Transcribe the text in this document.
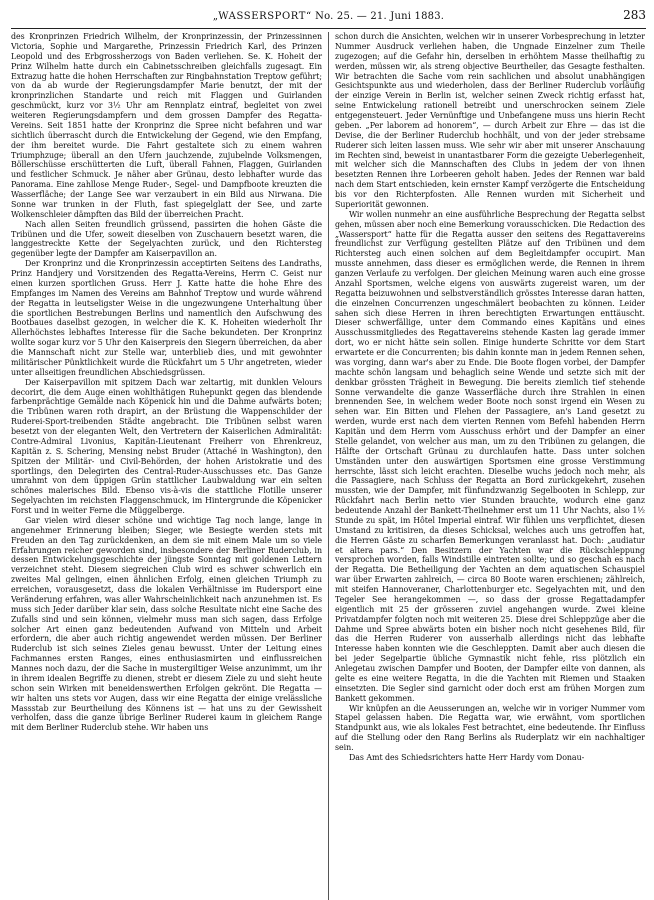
„WASSERSPORT“ No. 25. — 21. Juni 1883.	283

des Kronprinzen Friedrich Wilhelm, der Kronprinzessin, der Prinzessinnen Victoria, Sophie und Margarethe, Prinzessin Friedrich Karl, des Prinzen Leopold und des Erbgrossherzogs von Baden verliehen. Se. K. Hoheit der Prinz Wilhelm hatte durch ein Cabinetsschreiben gleichfalls zugesagt. Ein Extrazug hatte die hohen Herrschaften zur Ringbahnstation Treptow geführt; von da ab wurde der Regierungsdampfer Marie benutzt, der mit der kronprinzlichen Standarte und reich mit Flaggen und Guirlanden geschmückt, kurz vor 3½ Uhr am Rennplatz eintraf, begleitet von zwei weiteren Regierungsdampfern und dem grossen Dampfer des Regatta-Vereins. Seit 1851 hatte der Kronprinz die Spree nicht befahren und war sichtlich überrascht durch die Entwickelung der Gegend, wie den Empfang, der ihm bereitet wurde. Die Fahrt gestaltete sich zu einem wahren Triumphzuge; überall an den Ufern jauchzende, zujubelnde Volksmengen, Böllerschüsse erschütterten die Luft, überall Fahnen, Flaggen, Guirlanden und festlicher Schmuck. Je näher aber Grünau, desto lebhafter wurde das Panorama. Eine zahllose Menge Ruder-, Segel- und Dampfboote kreuzten die Wasserfläche; der Lange See war verzaubert in ein Bild aus Nirwana. Die Sonne war trunken in der Fluth, fast spiegelglatt der See, und zarte Wolkenschleier dämpften das Bild der überreichen Pracht.

Nach allen Seiten freundlich grüssend, passirten die hohen Gäste die Tribünen und die Ufer, soweit dieselben von Zuschauern besetzt waren, die langgestreckte Kette der Segelyachten zurück, und den Richtersteg gegenüber legte der Dampfer am Kaiserpavillon an.

Der Kronprinz und die Kronprinzessin acceptirten Seitens des Landraths, Prinz Handjery und Vorsitzenden des Regatta-Vereins, Herrn C. Geist nur einen kurzen sportlichen Gruss. Herr J. Katte hatte die hohe Ehre des Empfanges im Namen des Vereins am Bahnhof Treptow und wurde während der Regatta in leutseligster Weise in die ungezwungene Unterhaltung über die sportlichen Bestrebungen Berlins und namentlich den Aufschwung des Bootbaues daselbst gezogen, in welcher die K. K. Hoheiten wiederholt Ihr Allerhöchstes lebhaftes Interesse für die Sache bekundeten. Der Kronprinz wollte sogar kurz vor 5 Uhr den Kaiserpreis den Siegern überreichen, da aber die Mannschaft nicht zur Stelle war, unterblieb dies, und mit gewohnter militärischer Pünktlichkeit wurde die Rückfahrt um 5 Uhr angetreten, wieder unter allseitigen freundlichen Abschiedsgrüssen.

Der Kaiserpavillon mit spitzem Dach war zeltartig, mit dunklen Velours decorirt, die dem Auge einen wohlthätigen Ruhepunkt gegen das blendende farbenprächtige Gemälde nach Köpenick hin und die Dahme aufwärts boten; die Tribünen waren roth drapirt, an der Brüstung die Wappenschilder der Ruderei-Sport-treibenden Städte angebracht. Die Tribünen selbst waren besetzt von der eleganten Welt, den Vertretern der Kaiserlichen Admiralität: Contre-Admiral Livonius, Kapitän-Lieutenant Freiherr von Ehrenkreuz, Kapitän z. S. Schering, Mensing nebst Bruder (Attaché in Washington), den Spitzen der Militär- und Civil-Behörden, der hohen Aristokratie und des sportlings, den Delegirten des Central-Ruder-Ausschusses etc. Das Ganze umrahmt von dem üppigen Grün stattlicher Laubwaldung war ein selten schönes malerisches Bild. Ebenso vis-à-vis die stattliche Flotille unserer Segelyachten im reichsten Flaggenschmuck, im Hintergrunde die Köpenicker Forst und in weiter Ferne die Müggelberge.

Gar vielen wird dieser schöne und wichtige Tag noch lange, lange in angenehmer Erinnerung bleiben; Sieger, wie Besiegte werden stets mit Freuden an den Tag zurückdenken, an dem sie mit einem Male um so viele Erfahrungen reicher geworden sind, insbesondere der Berliner Ruderclub, in dessen Entwickelungsgeschichte der jüngste Sonntag mit goldenen Lettern verzeichnet steht. Diesem siegreichen Club wird es schwer schwerlich ein zweites Mal gelingen, einen ähnlichen Erfolg, einen gleichen Triumph zu erreichen, vorausgesetzt, dass die lokalen Verhältnisse im Rudersport eine Veränderung erfahren, was aller Wahrscheinlichkeit nach anzunehmen ist. Es muss sich Jeder darüber klar sein, dass solche Resultate nicht eine Sache des Zufalls sind und sein können, vielmehr muss man sich sagen, dass Erfolge solcher Art einen ganz bedeutenden Aufwand von Mitteln und Arbeit erfordern, die aber auch richtig angewendet werden müssen. Der Berliner Ruderclub ist sich seines Zieles genau bewusst. Unter der Leitung eines Fachmannes ersten Ranges, eines enthusiasmirten und einflussreichen Mannes noch dazu, der die Sache in mustergiltiger Weise anzunimmt, um ihr in ihrem idealen Begriffe zu dienen, strebt er diesem Ziele zu und sieht heute schon sein Wirken mit beneidenswerthen Erfolgen gekrönt. Die Regatta — wir halten uns stets vor Augen, dass wir eine Regatta der einige vrelässliche Massstab zur Beurtheilung des Könnens ist — hat uns zu der Gewissheit verholfen, dass die ganze übrige Berliner Ruderei kaum in gleichem Range mit dem Berliner Ruderclub stehe. Wir haben uns

schon durch die Ansichten, welchen wir in unserer Vorbesprechung in letzter Nummer Ausdruck verliehen haben, die Ungnade Einzelner zum Theile zugezogen; auf die Gefahr hin, derselben in erhöhtem Masse theilhaftig zu werden, müssen wir, als streng objective Beurtheiler, das Gesagte festhalten. Wir betrachten die Sache vom rein sachlichen und absolut unabhängigen Gesichtspunkte aus und wiederholen, dass der Berliner Ruderclub vorläufig der einzige Verein in Berlin ist, welcher seinen Zweck richtig erfasst hat, seine Entwickelung rationell betreibt und unerschrocken seinem Ziele entgegensteuert. Jeder Vernünftige und Unbefangene muss uns hierin Recht geben. „Per laborem ad honorem“, — durch Arbeit zur Ehre — das ist die Devise, die der Berliner Ruderclub hochhält, und von der jeder strebsame Ruderer sich leiten lassen muss. Wie sehr wir aber mit unserer Anschauung im Rechten sind, beweist in unantastbarer Form die gezeigte Ueberlegenheit, mit welcher sich die Mannschaften des Clubs in jedem der von ihnen besetzten Rennen ihre Lorbeeren geholt haben. Jedes der Rennen war bald nach dem Start entschieden, kein ernster Kampf verzögerte die Entscheidung bis vor den Richterpfosten. Alle Rennen wurden mit Sicherheit und Superiorität gewonnen.

Wir wollen nunmehr an eine ausführliche Besprechung der Regatta selbst gehen, müssen aber noch eine Bemerkung vorausschicken. Die Redaction des „Wassersport“ hatte für die Regatta ausser den seitens des Regattavereins freundlichst zur Verfügung gestellten Plätze auf den Tribünen und dem Richtersteg auch einen solchen auf dem Begleitdampfer occupirt. Man musste annehmen, dass dieser es ermöglichen werde, die Rennen in ihrem ganzen Verlaufe zu verfolgen. Der gleichen Meinung waren auch eine grosse Anzahl Sportsmen, welche eigens von auswärts zugereist waren, um der Regatta beizuwohnen und selbstverständlich grösstes Interesse daran hatten, die einzelnen Concurrenzen ungeschmälert beobachten zu können. Leider sahen sich diese Herren in ihren berechtigten Erwartungen enttäuscht. Dieser schwerfällige, unter dem Commando eines Kapitäns und eines Ausschussmitgliedes des Regattavereins stehende Kasten lag gerade immer dort, wo er nicht hätte sein sollen. Einige hunderte Schritte vor dem Start erwartete er die Concurrenten; bis dahin konnte man in jedem Rennen sehen, was vorging, dann war's aber zu Ende. Die Boote flogen vorbei, der Dampfer machte schön langsam und behaglich seine Wende und setzte sich mit der denkbar grössten Trägheit in Bewegung. Die bereits ziemlich tief stehende Sonne verwandelte die ganze Wasserfläche durch ihre Strahlen in einen brennenden See, in welchem weder Boote noch sonst irgend ein Wesen zu sehen war. Ein Bitten und Flehen der Passagiere, an's Land gesetzt zu werden, wurde erst nach dem vierten Rennen vom Befehl habenden Herrn Kapitän und dem Herrn vom Ausschuss erhört und der Dampfer an einer Stelle gelandet, von welcher aus man, um zu den Tribünen zu gelangen, die Hälfte der Ortschaft Grünau zu durchlaufen hatte. Dass unter solchen Umständen unter den auswärtigen Sportsmen eine grosse Verstimmung herrschte, lässt sich leicht erachten. Dieselbe wuchs jedoch noch mehr, als die Passagiere, nach Schluss der Regatta an Bord zurückgekehrt, zusehen mussten, wie der Dampfer, mit fünfundzwanzig Segelbooten in Schlepp, zur Rückfahrt nach Berlin netto vier Stunden brauchte, wodurch eine ganz bedeutende Anzahl der Bankett-Theilnehmer erst um 11 Uhr Nachts, also 1½ Stunde zu spät, im Hôtel Imperial eintraf. Wir fühlen uns verpflichtet, diesen Umstand zu kritisiren, da dieses Schicksal, welches auch uns getroffen hat, die Herren Gäste zu scharfen Bemerkungen veranlasst hat. Doch: „audiatur et altera pars.“ Den Besitzern der Yachten war die Rückschleppung versprochen worden, falls Windstille eintreten sollte; und so geschah es nach der Regatta. Die Betheiligung der Yachten an dem aquatischen Schauspiel war über Erwarten zahlreich, — circa 80 Boote waren erschienen; zählreich, mit steifen Hannoveraner, Charlottenburger etc. Segelyachten mit, und den Tegeler See herangekommen —, so dass der grosse Regattadampfer eigentlich mit 25 der grösseren zuviel angehangen wurde. Zwei kleine Privatdampfer folgten noch mit weiteren 25. Diese drei Schleppzüge aber die Dahme und Spree abwärts boten ein bisher noch nicht gesehenes Bild, für das die Herren Ruderer von ausserhalb allerdings nicht das lebhafte Interesse haben konnten wie die Geschleppten. Damit aber auch diesen die bei jeder Segelpartie übliche Gymnastik nicht fehle, riss plötzlich ein Anlegetau zwischen Dampfer und Booten, der Dampfer eilte von dannen, als gelte es eine weitere Regatta, in die die Yachten mit Riemen und Staaken einsetzten. Die Segler sind garnicht oder doch erst am frühen Morgen zum Bankett gekommen.

Wir knüpfen an die Aeusserungen an, welche wir in voriger Nummer vom Stapel gelassen haben. Die Regatta war, wie erwähnt, vom sportlichen Standpunkt aus, wie als lokales Fest betrachtet, eine bedeutende. Ihr Einfluss auf die Stellung oder den Rang Berlins als Ruderplatz wir ein nachhaltiger sein.

Das Amt des Schiedsrichters hatte Herr Hardy vom Donau-
